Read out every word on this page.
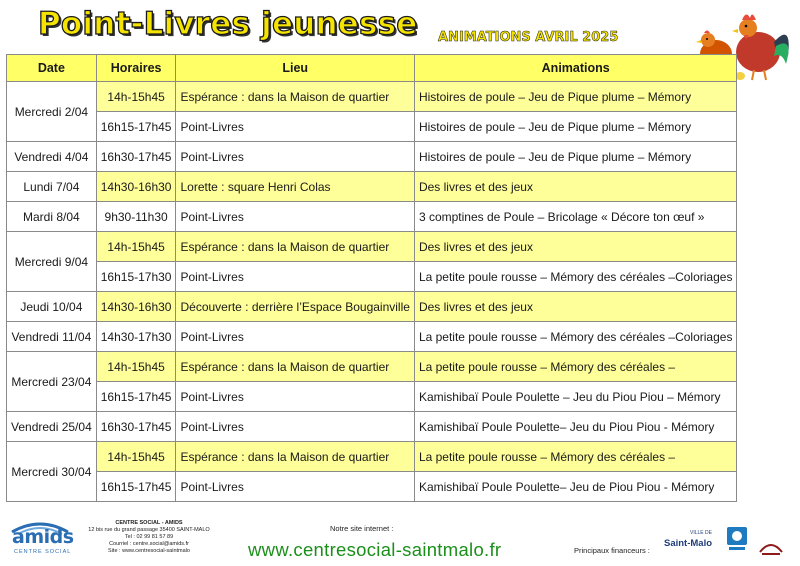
Point-Livres jeunesse ANIMATIONS AVRIL 2025
Date	Horaires	Lieu	Animations
Mercredi 2/04	14h-15h45	Espérance : dans la Maison de quartier	Histoires de poule – Jeu de Pique plume – Mémory
	16h15-17h45	Point-Livres	Histoires de poule – Jeu de Pique plume – Mémory
Vendredi 4/04	16h30-17h45	Point-Livres	Histoires de poule – Jeu de Pique plume – Mémory
Lundi 7/04	14h30-16h30	Lorette : square Henri Colas	Des livres et des jeux
Mardi 8/04	9h30-11h30	Point-Livres	3 comptines de Poule – Bricolage « Décore ton œuf »
Mercredi 9/04	14h-15h45	Espérance : dans la Maison de quartier	Des livres et des jeux
	16h15-17h30	Point-Livres	La petite poule rousse – Mémory des céréales –Coloriages
Jeudi 10/04	14h30-16h30	Découverte : derrière l’Espace Bougainville	Des livres et des jeux
Vendredi 11/04	14h30-17h30	Point-Livres	La petite poule rousse – Mémory des céréales –Coloriages
Mercredi 23/04	14h-15h45	Espérance : dans la Maison de quartier	La petite poule rousse – Mémory des céréales –
	16h15-17h45	Point-Livres	Kamishibaï Poule Poulette – Jeu du Piou Piou – Mémory
Vendredi 25/04	16h30-17h45	Point-Livres	Kamishibaï Poule Poulette– Jeu du Piou Piou - Mémory
Mercredi 30/04	14h-15h45	Espérance : dans la Maison de quartier	La petite poule rousse – Mémory des céréales –
	16h15-17h45	Point-Livres	Kamishibaï Poule Poulette– Jeu de Piou Piou - Mémory
amids
CENTRE SOCIAL
CENTRE SOCIAL - AMIDS
12 bis rue du grand passage 35400 SAINT-MALO
Tel : 02 99 81 57 89
Courriel : centre.social@amids.fr
Site : www.centresocial-saintmalo
Notre site internet :
www.centresocial-saintmalo.fr	Principaux financeurs :
VILLE DE
Saint-Malo
